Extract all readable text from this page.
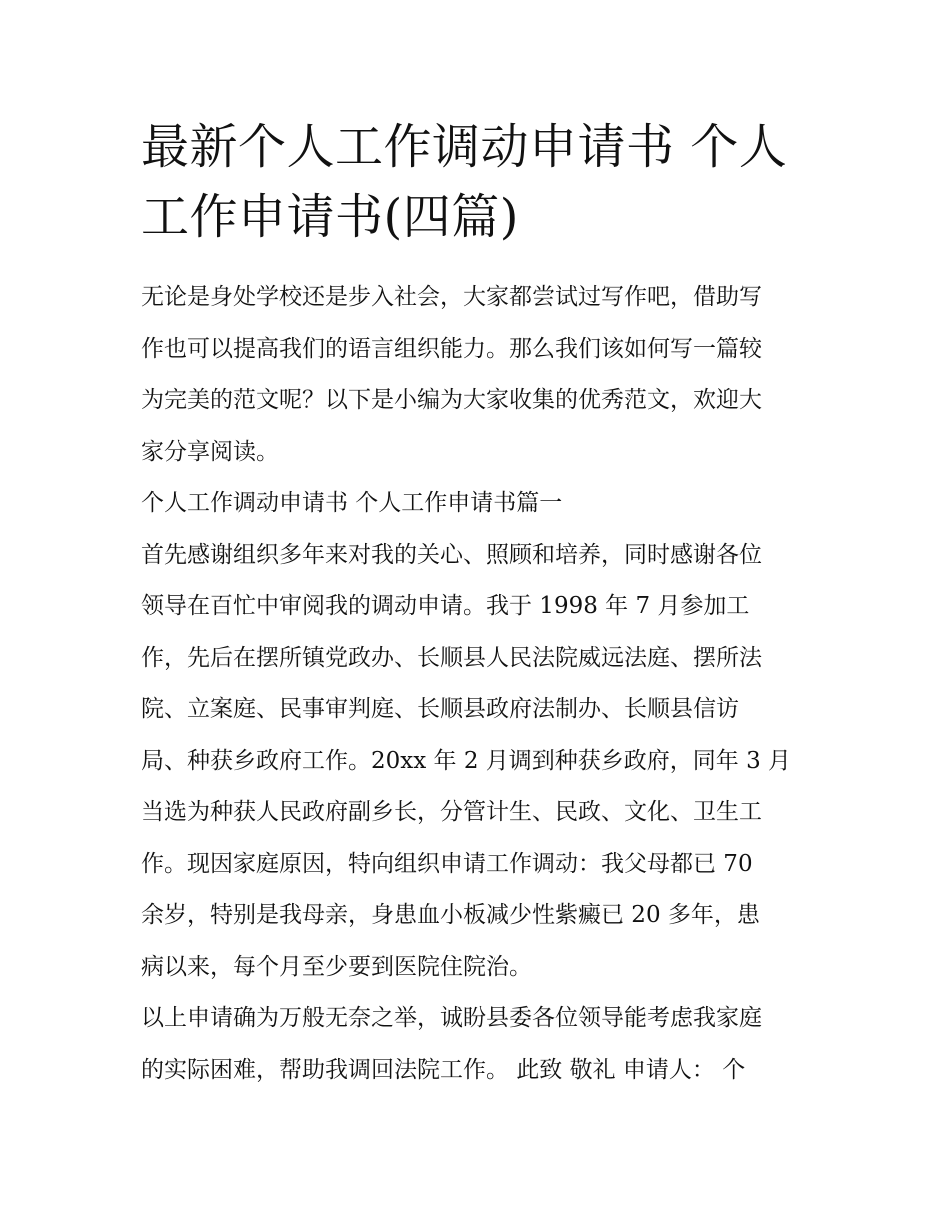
最新个人工作调动申请书 个人
工作申请书(四篇)

无论是身处学校还是步入社会，大家都尝试过写作吧，借助写
作也可以提高我们的语言组织能力。那么我们该如何写一篇较
为完美的范文呢？以下是小编为大家收集的优秀范文，欢迎大
家分享阅读。

个人工作调动申请书 个人工作申请书篇一

首先感谢组织多年来对我的关心、照顾和培养，同时感谢各位
领导在百忙中审阅我的调动申请。我于 1998 年 7 月参加工
作，先后在摆所镇党政办、长顺县人民法院威远法庭、摆所法
院、立案庭、民事审判庭、长顺县政府法制办、长顺县信访
局、种获乡政府工作。20xx 年 2 月调到种获乡政府，同年 3 月
当选为种获人民政府副乡长，分管计生、民政、文化、卫生工
作。现因家庭原因，特向组织申请工作调动：我父母都已 70
余岁，特别是我母亲，身患血小板减少性紫癜已 20 多年，患
病以来，每个月至少要到医院住院治。

以上申请确为万般无奈之举，诚盼县委各位领导能考虑我家庭
的实际困难，帮助我调回法院工作。 此致 敬礼 申请人： 个
